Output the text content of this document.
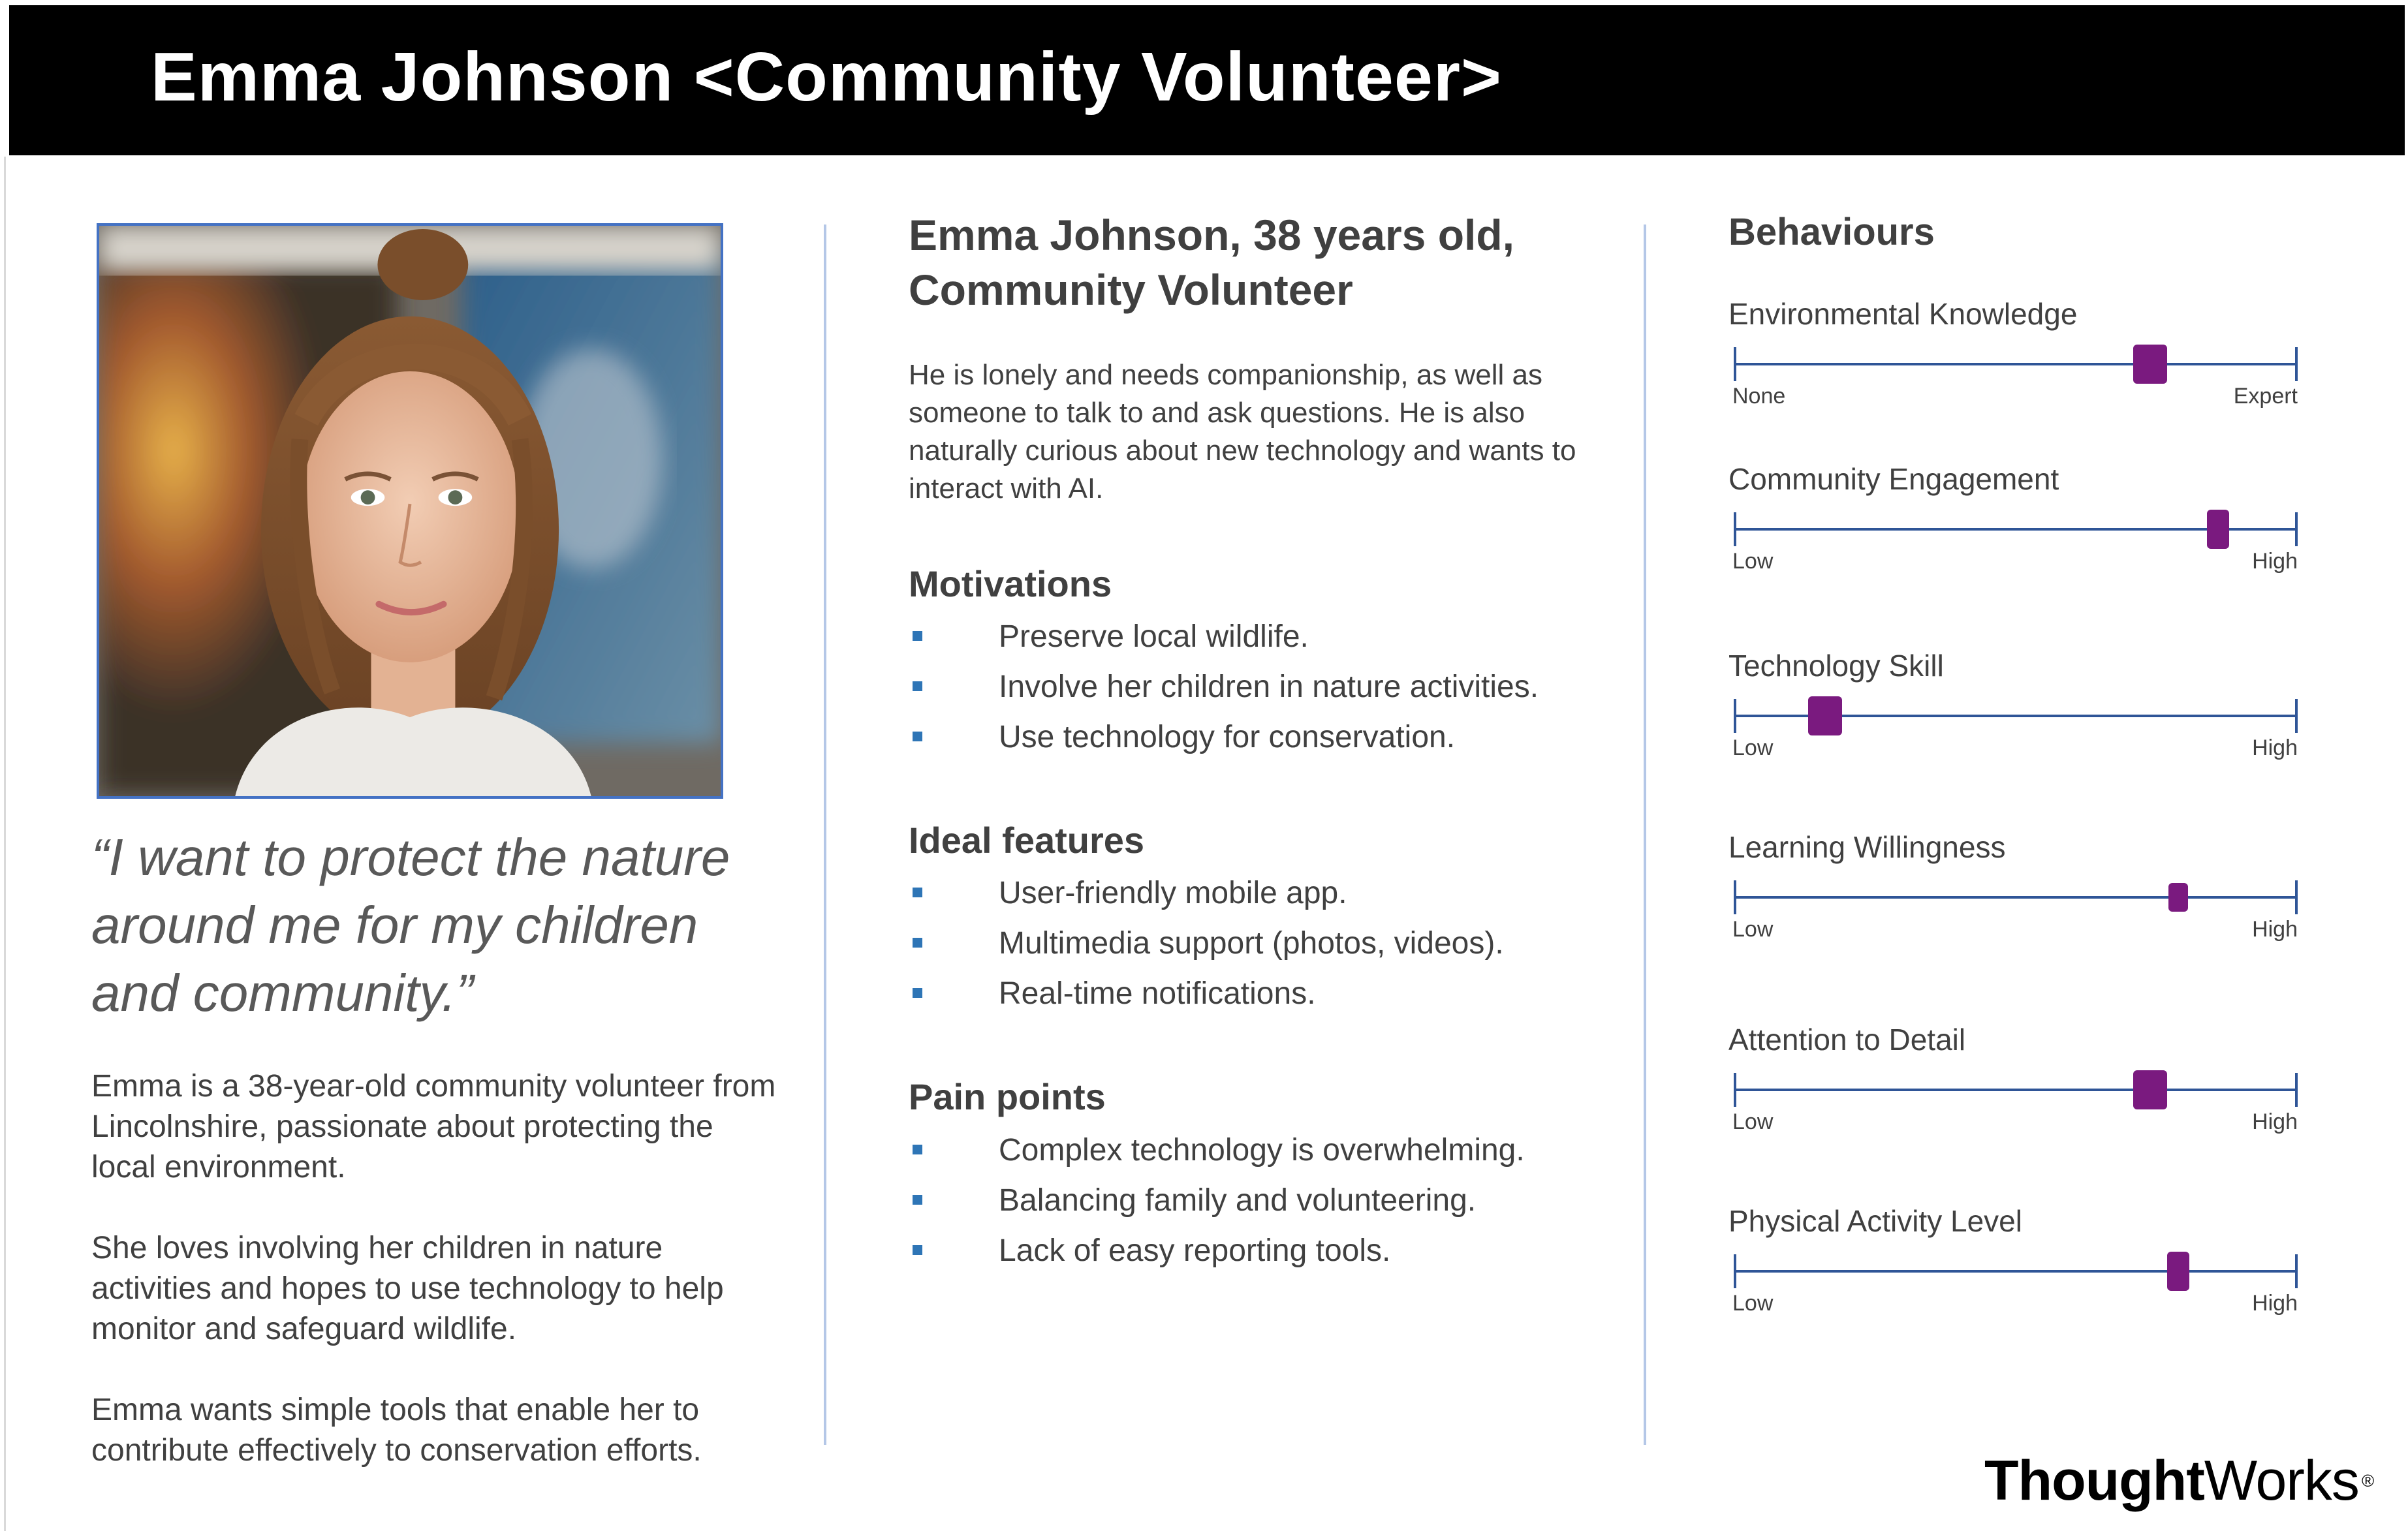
Emma Johnson <Community Volunteer>
“I want to protect the nature around me for my children and community.”
Emma is a 38-year-old community volunteer from Lincolnshire, passionate about protecting the local environment.
She loves involving her children in nature activities and hopes to use technology to help monitor and safeguard wildlife.
Emma wants simple tools that enable her to contribute effectively to conservation efforts.
Emma Johnson, 38 years old, Community Volunteer
He is lonely and needs companionship, as well as someone to talk to and ask questions. He is also naturally curious about new technology and wants to interact with AI.
Motivations
Preserve local wildlife.
Involve her children in nature activities.
Use technology for conservation.
Ideal features
User-friendly mobile app.
Multimedia support (photos, videos).
Real-time notifications.
Pain points
Complex technology is overwhelming.
Balancing family and volunteering.
Lack of easy reporting tools.
Behaviours
Environmental Knowledge
None	Expert
Community Engagement
Low	High
Technology Skill
Low	High
Learning Willingness
Low	High
Attention to Detail
Low	High
Physical Activity Level
Low	High
ThoughtWorks ®
